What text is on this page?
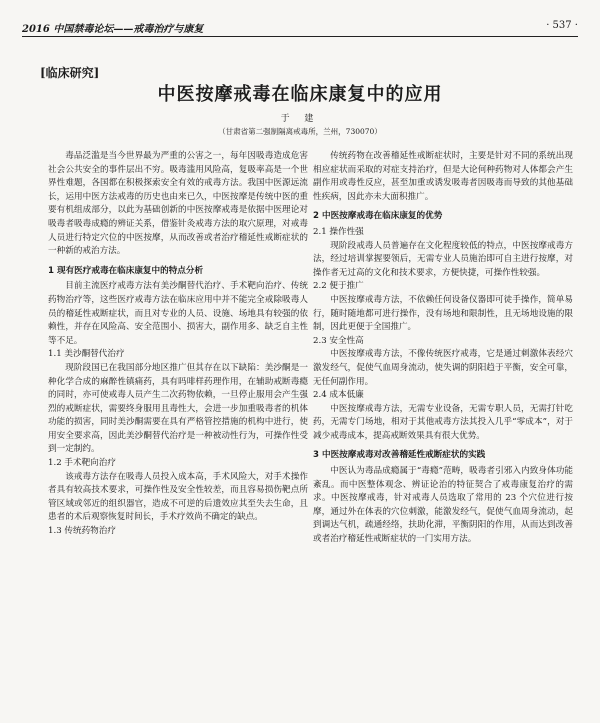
2016 中国禁毒论坛——戒毒治疗与康复	· 537 ·
[临床研究]
中医按摩戒毒在临床康复中的应用
于 建
（甘肃省第二强制隔离戒毒所，兰州，730070）

毒品泛滥是当今世界最为严重的公害之一，每年因吸毒造成危害社会公共安全的事件层出不穷。吸毒滥用风险高，复吸率高是一个世界性难题，各国都在积极探索安全有效的戒毒方法。我国中医源远流长，运用中医方法戒毒的历史也由来已久，中医按摩是传统中医的重要有机组成部分，以此为基础创新的中医按摩戒毒是依据中医理论对吸毒者吸毒成瘾的辨证关系，借鉴针灸戒毒方法的取穴原理，对戒毒人员进行特定穴位的中医按摩，从而改善或者治疗稽延性戒断症状的一种新的戒治方法。

1 现有医疗戒毒在临床康复中的特点分析

目前主流医疗戒毒方法有美沙酮替代治疗、手术靶向治疗、传统药物治疗等，这些医疗戒毒方法在临床应用中并不能完全戒除吸毒人员的稽延性戒断症状，而且对专业的人员、设施、场地具有较强的依赖性，并存在风险高、安全范围小、损害大，副作用多、缺乏自主性等不足。

1.1 美沙酮替代治疗

现阶段国已在我国部分地区推广但其存在以下缺陷：美沙酮是一种化学合成的麻醉性镇痛药，具有吗啡样药理作用，在辅助戒断毒瘾的同时，亦可使戒毒人员产生二次药物依赖，一旦停止服用会产生强烈的戒断症状，需要终身服用且毒性大，会进一步加重吸毒者的机体功能的损害，同时美沙酮需要在具有严格管控措施的机构中进行，使用安全要求高，因此美沙酮替代治疗是一种被动性行为，可操作性受到一定制约。

1.2 手术靶向治疗

该戒毒方法存在吸毒人员投入成本高，手术风险大，对手术操作者具有较高技术要求，可操作性及安全性较差，而且容易损伤靶点所管区域或邻近的组织器官，造成不可逆的后遗效应其至失去生命，且患者的术后观察恢复时间长，手术疗效尚不确定的缺点。

1.3 传统药物治疗

传统药物在改善稽延性戒断症状时，主要是针对不同的系统出现相应症状而采取的对症支持治疗，但是大论何种药物对人体都会产生副作用或毒性反应，甚至加重或诱发吸毒者因吸毒而导致的其他基础性疾病，因此亦未大面积推广。

2 中医按摩戒毒在临床康复的优势
2.1 操作性强

现阶段戒毒人员普遍存在文化程度较低的特点，中医按摩戒毒方法，经过培训掌握要领后，无需专业人员施治即可自主进行按摩，对操作者无过高的文化和技术要求，方便快捷，可操作性较强。

2.2 便于推广

中医按摩戒毒方法，不依赖任何设备仪器即可徒手操作，简单易行，随时随地都可进行操作，没有场地和限制性，且无场地设施的限制，因此更便于全国推广。

2.3 安全性高

中医按摩戒毒方法，不像传统医疗戒毒，它是通过刺激体表经穴激发经气，促使气血周身流动，使失调的阴阳趋于平衡，安全可靠，无任何副作用。

2.4 成本低廉

中医按摩戒毒方法，无需专业设备，无需专职人员，无需打针吃药，无需专门场地，相对于其他戒毒方法其投入几乎“零成本”，对于减少戒毒成本，提高戒断效果具有很大优势。

3 中医按摩戒毒对改善稽延性戒断症状的实践

中医认为毒品成瘾属于“毒瘾”范畴，吸毒者引邪入内致身体功能紊乱。而中医整体观念、辨证论治的特征契合了戒毒康复治疗的需求。中医按摩戒毒，针对戒毒人员选取了常用的 23 个穴位进行按摩，通过外在体表的穴位刺激，能激发经气，促使气血周身流动，起到调达气机，疏通经络，扶助化滞，平衡阴阳的作用，从而达到改善或者治疗稽延性戒断症状的一门实用方法。
